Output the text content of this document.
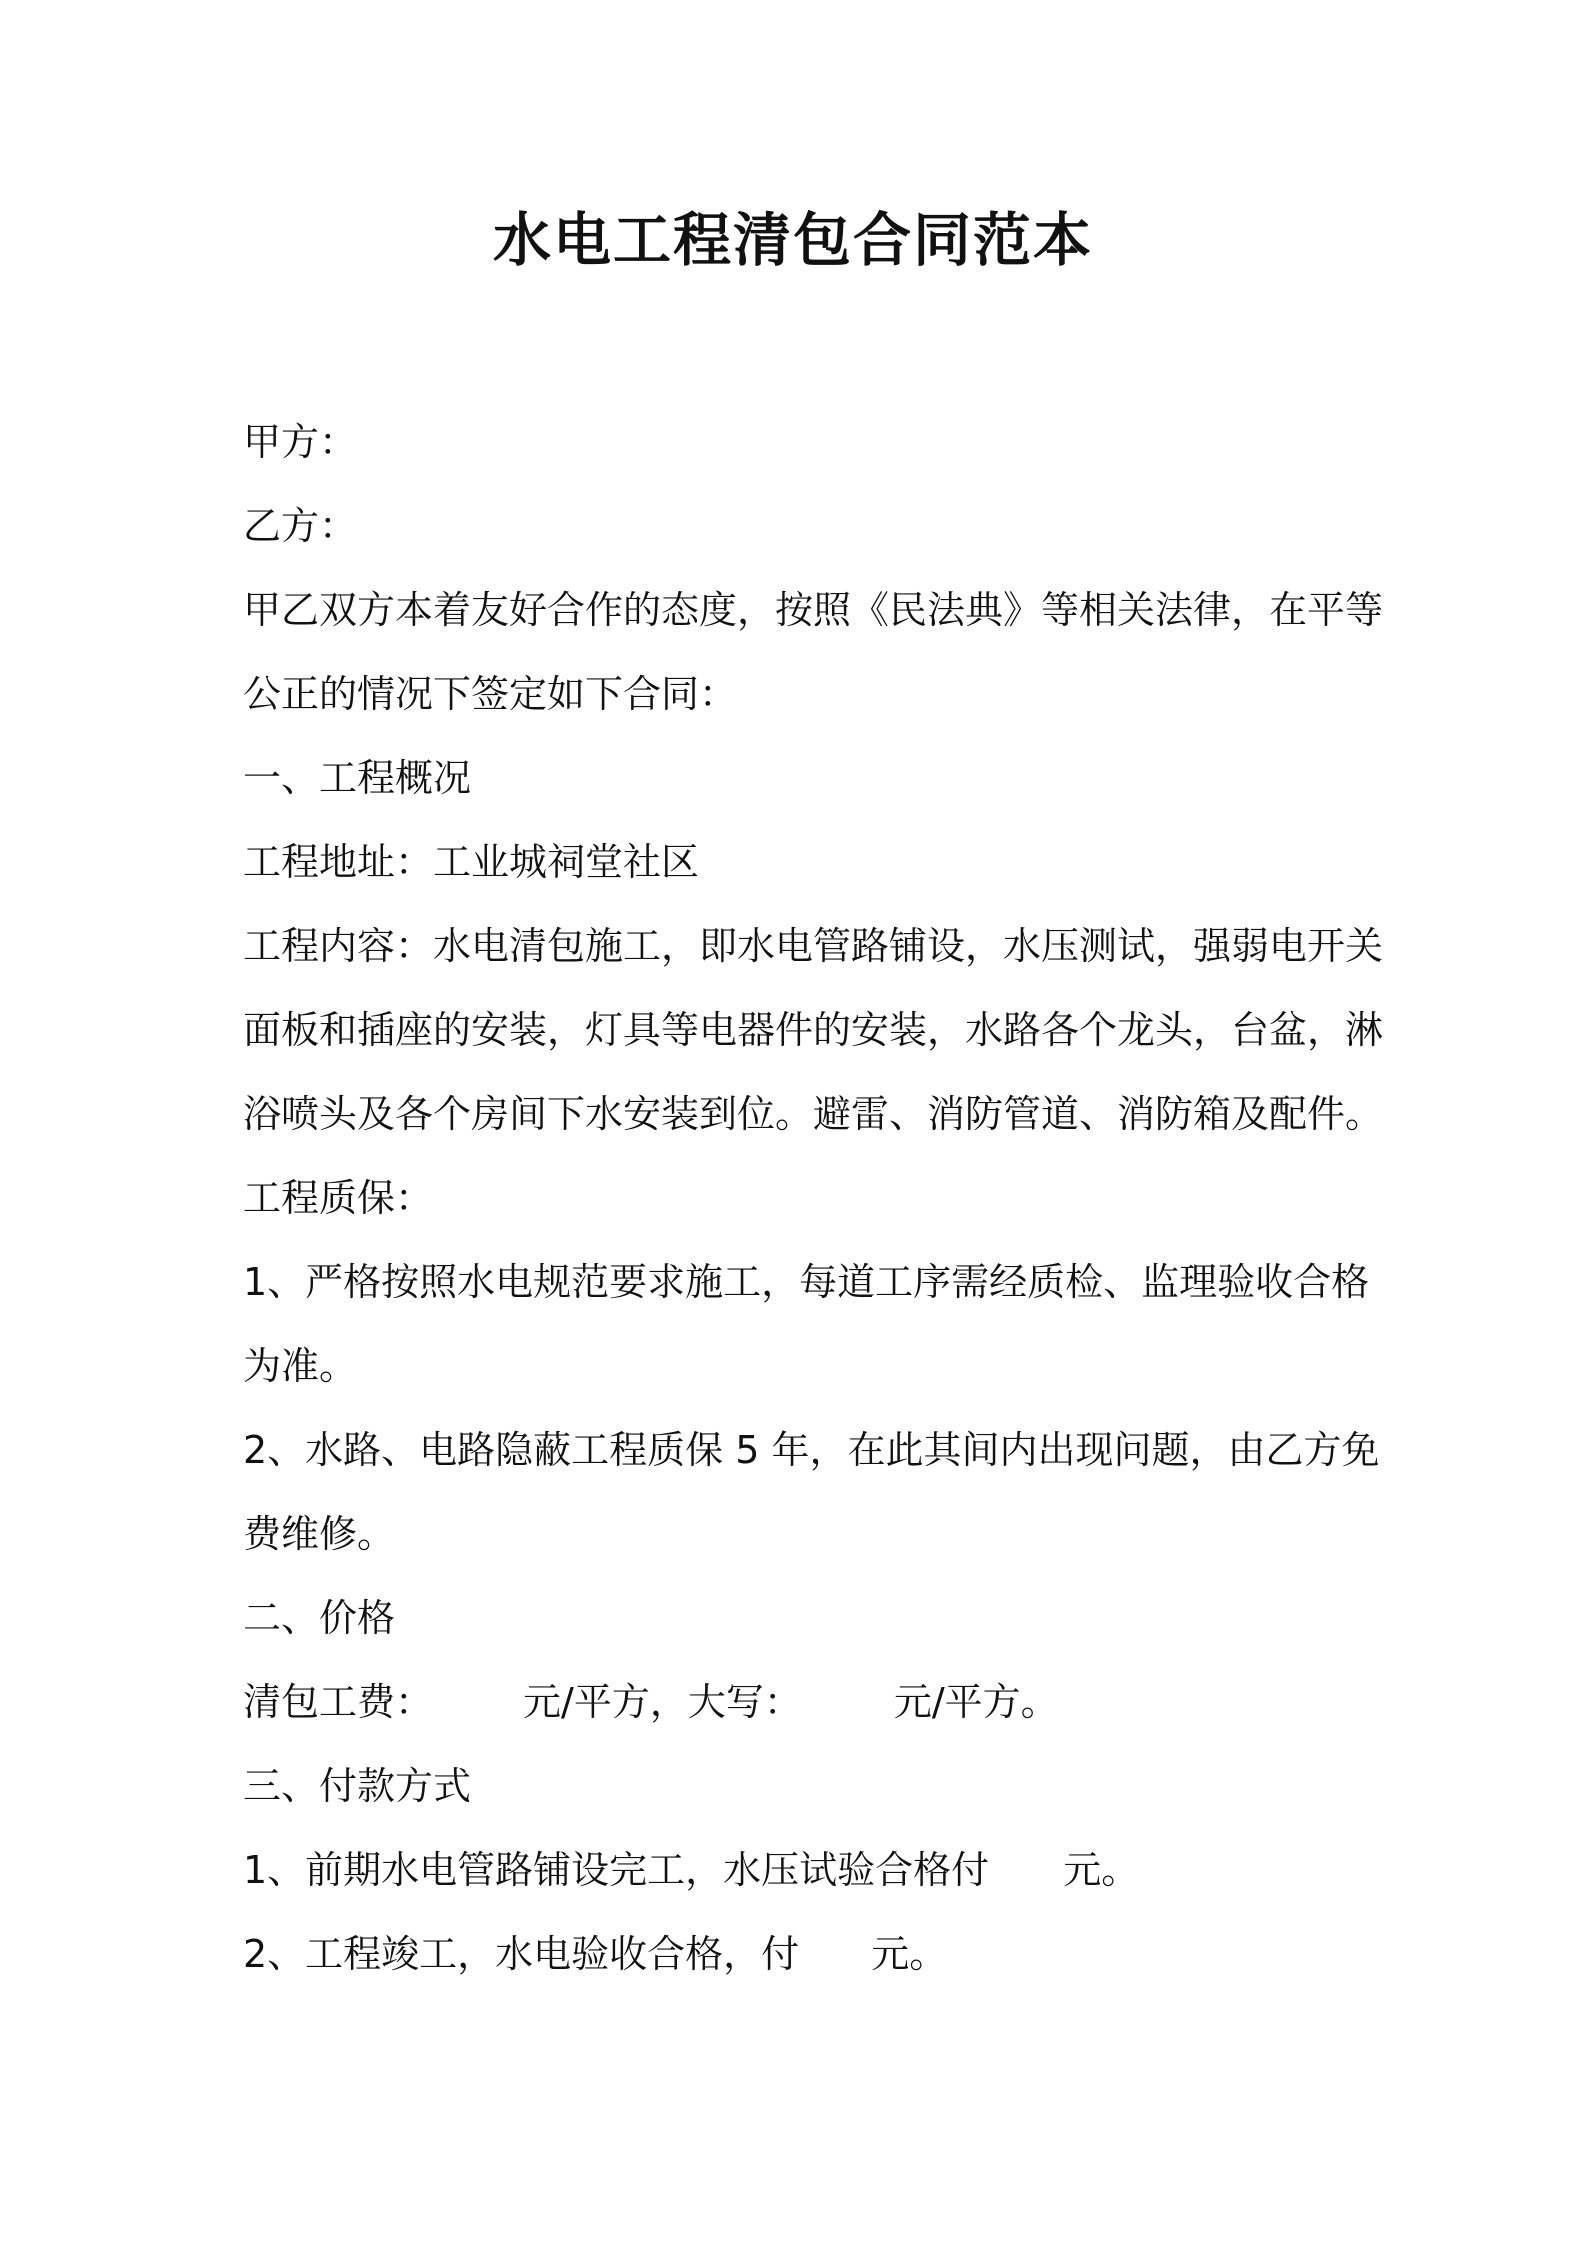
水电工程清包合同范本
甲方：
乙方：
甲乙双方本着友好合作的态度，按照《民法典》等相关法律，在平等
公正的情况下签定如下合同：
一、工程概况
工程地址：工业城祠堂社区
工程内容：水电清包施工，即水电管路铺设，水压测试，强弱电开关
面板和插座的安装，灯具等电器件的安装，水路各个龙头，台盆，淋
浴喷头及各个房间下水安装到位。避雷、消防管道、消防箱及配件。
工程质保：
1、严格按照水电规范要求施工，每道工序需经质检、监理验收合格
为准。
2、水路、电路隐蔽工程质保 5 年，在此其间内出现问题，由乙方免
费维修。
二、价格
清包工费： 元/平方，大写： 元/平方。
三、付款方式
1、前期水电管路铺设完工，水压试验合格付 元。
2、工程竣工，水电验收合格，付 元。
